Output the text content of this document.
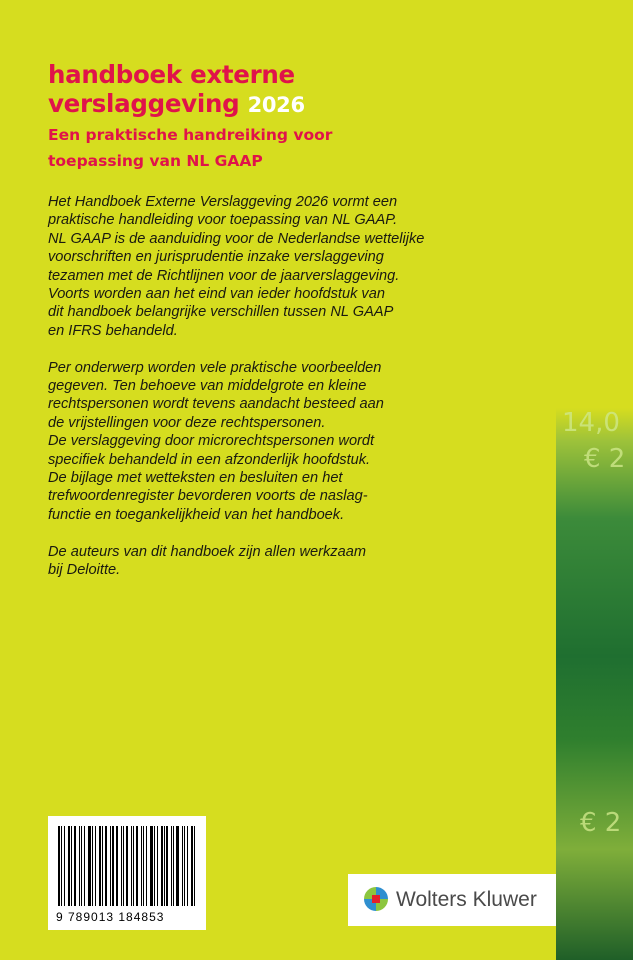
handboek externe
verslaggeving 2026
Een praktische handreiking voor
toepassing van NL GAAP

Het Handboek Externe Verslaggeving 2026 vormt een
praktische handleiding voor toepassing van NL GAAP.
NL GAAP is de aanduiding voor de Nederlandse wettelijke
voorschriften en jurisprudentie inzake verslaggeving
tezamen met de Richtlijnen voor de jaarverslaggeving.
Voorts worden aan het eind van ieder hoofdstuk van
dit handboek belangrijke verschillen tussen NL GAAP
en IFRS behandeld.

Per onderwerp worden vele praktische voorbeelden
gegeven. Ten behoeve van middelgrote en kleine
rechtspersonen wordt tevens aandacht besteed aan
de vrijstellingen voor deze rechtspersonen.
De verslaggeving door microrechtspersonen wordt
specifiek behandeld in een afzonderlijk hoofdstuk.
De bijlage met wetteksten en besluiten en het
trefwoordenregister bevorderen voorts de naslag-
functie en toegankelijkheid van het handboek.

De auteurs van dit handboek zijn allen werkzaam
bij Deloitte.

14,0
€ 2
€ 2
9 789013 184853
Wolters Kluwer
